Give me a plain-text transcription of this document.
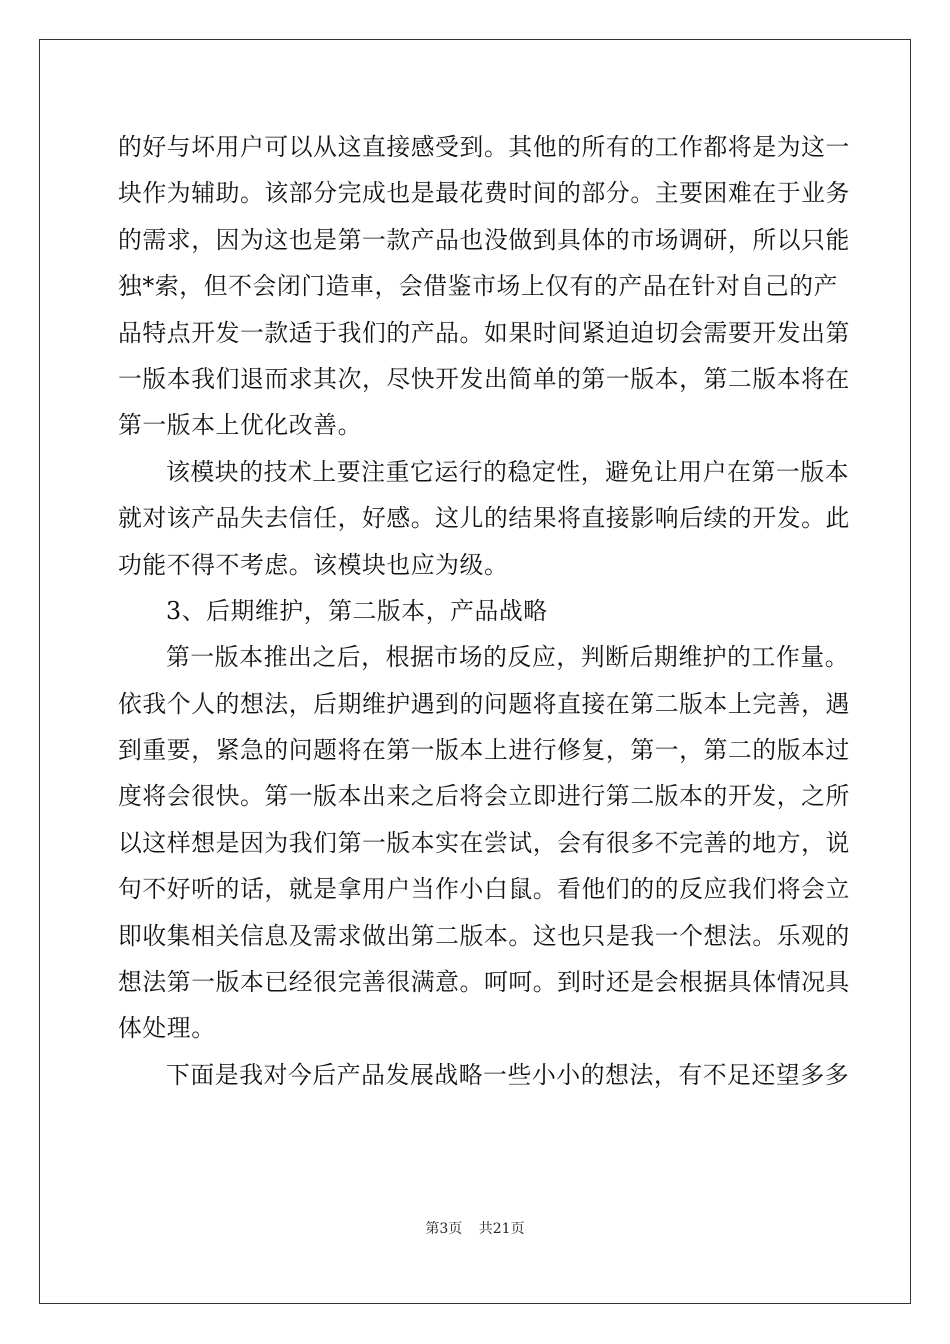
的好与坏用户可以从这直接感受到。其他的所有的工作都将是为这一
块作为辅助。该部分完成也是最花费时间的部分。主要困难在于业务
的需求，因为这也是第一款产品也没做到具体的市场调研，所以只能
独*索，但不会闭门造車，会借鉴市场上仅有的产品在针对自己的产
品特点开发一款适于我们的产品。如果时间紧迫迫切会需要开发出第
一版本我们退而求其次，尽快开发出简单的第一版本，第二版本将在
第一版本上优化改善。
该模块的技术上要注重它运行的稳定性，避免让用户在第一版本
就对该产品失去信任，好感。这儿的结果将直接影响后续的开发。此
功能不得不考虑。该模块也应为级。
3、后期维护，第二版本，产品战略
第一版本推出之后，根据市场的反应，判断后期维护的工作量。
依我个人的想法，后期维护遇到的问题将直接在第二版本上完善，遇
到重要，紧急的问题将在第一版本上进行修复，第一，第二的版本过
度将会很快。第一版本出来之后将会立即进行第二版本的开发，之所
以这样想是因为我们第一版本实在尝试，会有很多不完善的地方，说
句不好听的话，就是拿用户当作小白鼠。看他们的的反应我们将会立
即收集相关信息及需求做出第二版本。这也只是我一个想法。乐观的
想法第一版本已经很完善很满意。呵呵。到时还是会根据具体情况具
体处理。
下面是我对今后产品发展战略一些小小的想法，有不足还望多多
第3页 共21页
